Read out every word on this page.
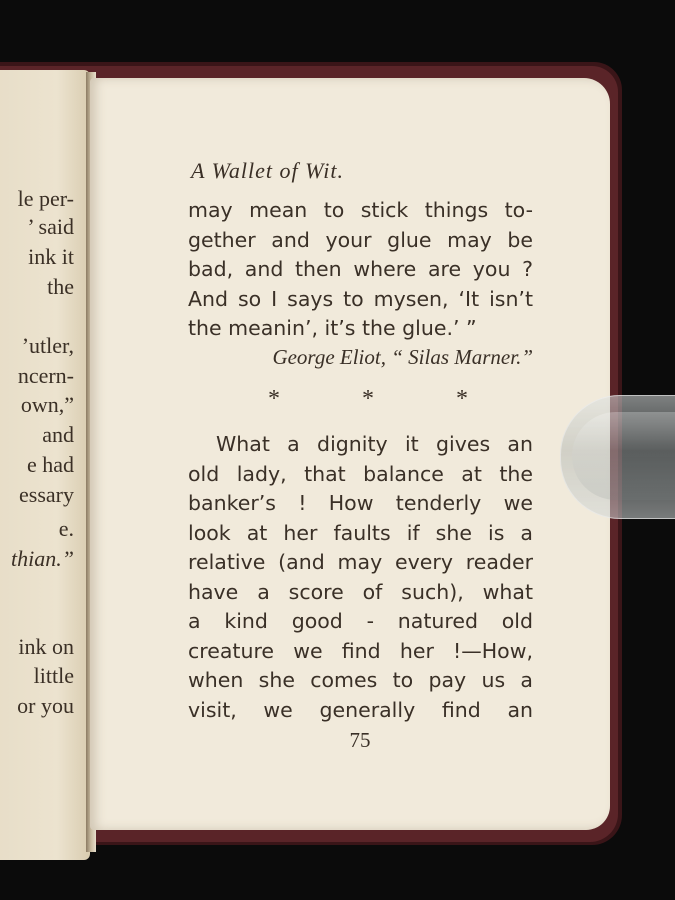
le per-
’ said
ink it
the
’utler,
ncern-
own,”
and
e had
essary
e.
thian.”
ink on
little
or you
A Wallet of Wit.
may mean to stick things to-
gether and your glue may be
bad, and then where are you ?
And so I says to mysen, ‘It isn’t
the meanin’, it’s the glue.’ ”
George Eliot, “ Silas Marner.”
*	*	*
What a dignity it gives an
old lady, that balance at the
banker’s ! How tenderly we
look at her faults if she is a
relative (and may every reader
have a score of such), what
a kind good - natured old
creature we find her !—How,
when she comes to pay us a
visit, we generally find an
75
